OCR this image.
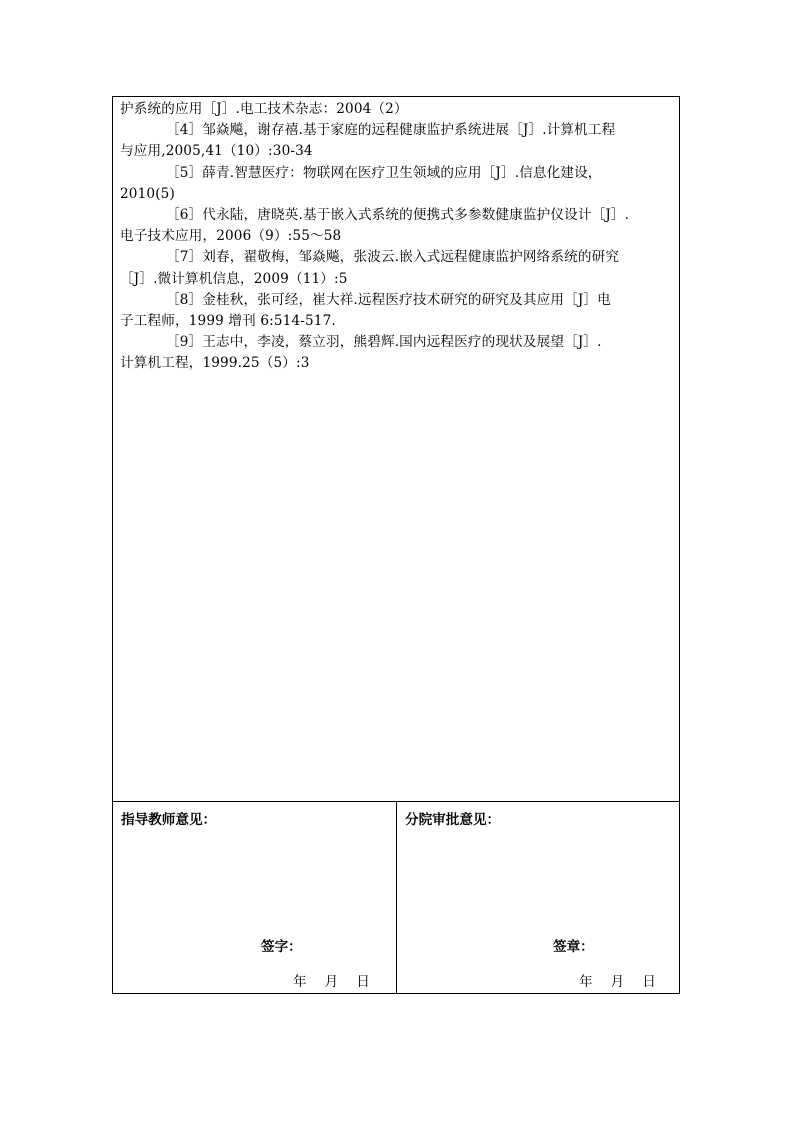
护系统的应用［J］.电工技术杂志：2004（2）
［4］邹焱飚，谢存禧.基于家庭的远程健康监护系统进展［J］.计算机工程
与应用,2005,41（10）:30-34
［5］薛青.智慧医疗：物联网在医疗卫生领域的应用［J］.信息化建设，
2010(5)
［6］代永陆，唐晓英.基于嵌入式系统的便携式多参数健康监护仪设计［J］.
电子技术应用，2006（9）:55～58
［7］刘春，翟敬梅，邹焱飚，张波云.嵌入式远程健康监护网络系统的研究
［J］.微计算机信息，2009（11）:5
［8］金桂秋，张可经，崔大祥.远程医疗技术研究的研究及其应用［J］电
子工程师，1999 增刊 6:514-517.
［9］王志中，李凌，蔡立羽，熊碧辉.国内远程医疗的现状及展望［J］.
计算机工程，1999.25（5）:3
指导教师意见：
签字：
年 月 日
分院审批意见：
签章：
年 月 日
